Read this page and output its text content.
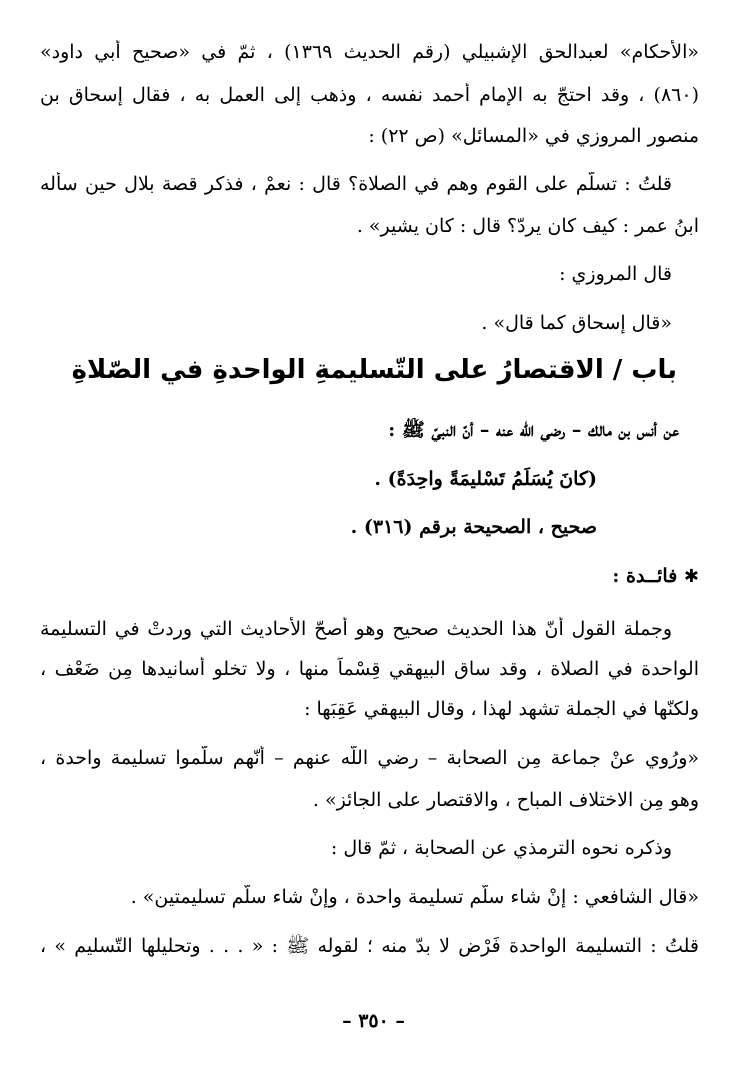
«الأحكام» لعبدالحق الإشبيلي (رقم الحديث ١٣٦٩) ، ثمّ في «صحيح أبي داود»
(٨٦٠) ، وقد احتجّ به الإمام أحمد نفسه ، وذهب إلى العمل به ، فقال إسحاق بن
منصور المروزي في «المسائل» (ص ٢٢) :
قلتُ : تسلّم على القوم وهم في الصلاة؟ قال : نعمْ ، فذكر قصة بلال حين سأله
ابنُ عمر : كيف كان يردّ؟ قال : كان يشير» .
قال المروزي :
«قال إسحاق كما قال» .
باب / الاقتصارُ على التّسليمةِ الواحدةِ في الصّلاةِ
عن أنس بن مالك – رضي اللّه عنه – أنّ النبيّ ﷺ :
(كانَ يُسَلِّمُ تَسْليمَةً واحِدَةً) .
صحيح ، الصحيحة برقم (٣١٦) .
✱ فائــدة :
وجملة القول أنّ هذا الحديث صحيح وهو أصحّ الأحاديث التي وردتْ في التسليمة
الواحدة في الصلاة ، وقد ساق البيهقي قِسْماً منها ، ولا تخلو أسانيدها مِن ضَعْف ،
ولكنّها في الجملة تشهد لهذا ، وقال البيهقي عَقِبَها :
«ورُوي عنْ جماعة مِن الصحابة – رضي اللّه عنهم – أنّهم سلّموا تسليمة واحدة ،
وهو مِن الاختلاف المباح ، والاقتصار على الجائز» .
وذكره نحوه الترمذي عنِ الصحابة ، ثمّ قال :
«قال الشافعي : إنْ شاء سلّم تسليمة واحدة ، وإنْ شاء سلّم تسليمتين» .
قلتُ : التسليمة الواحدة فَرْض لا بدّ منه ؛ لقوله ﷺ : « . . . وتحليلها التّسليم » ،
– ٣٥٠ –
